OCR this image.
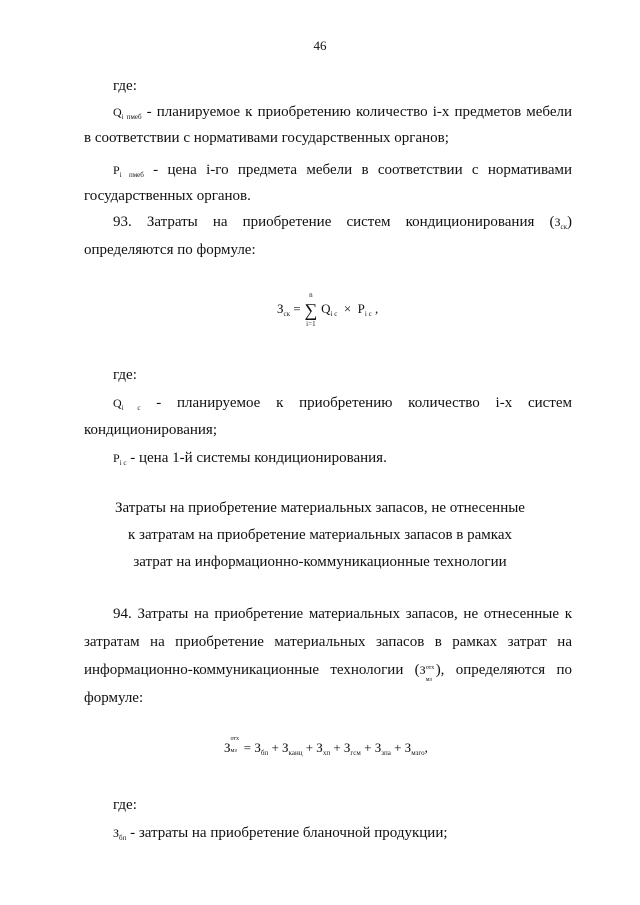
46
где:
$Q_{i пмеб}$ - планируемое к приобретению количество i-х предметов мебели
в соответствии с нормативами государственных органов;
$P_{i пмеб}$ - цена i-го предмета мебели в соответствии с нормативами
государственных органов.
93. Затраты на приобретение систем кондиционирования $(З_{ск})$
определяются по формуле:
$З_{ск}$ =
n
∑
i=1
$Q_{i с} \times P_{i с}$ ,
где:
$Q_{i с}$ - планируемое к приобретению количество i-х систем
кондиционирования;
$P_{i с}$ - цена 1-й системы кондиционирования.
Затраты на приобретение материальных запасов, не отнесенные
к затратам на приобретение материальных запасов в рамках
затрат на информационно-коммуникационные технологии
94. Затраты на приобретение материальных запасов, не отнесенные к
затратам на приобретение материальных запасов в рамках затрат на
информационно-коммуникационные технологии (З отх
мз
), определяются по
формуле:
З
отх
мз = $З_{бп} + З_{канц} + З_{хп} + З_{гсм} + З_{зпа} + З_{мзго}$,
где:
$З_{бп}$ - затраты на приобретение бланочной продукции;
